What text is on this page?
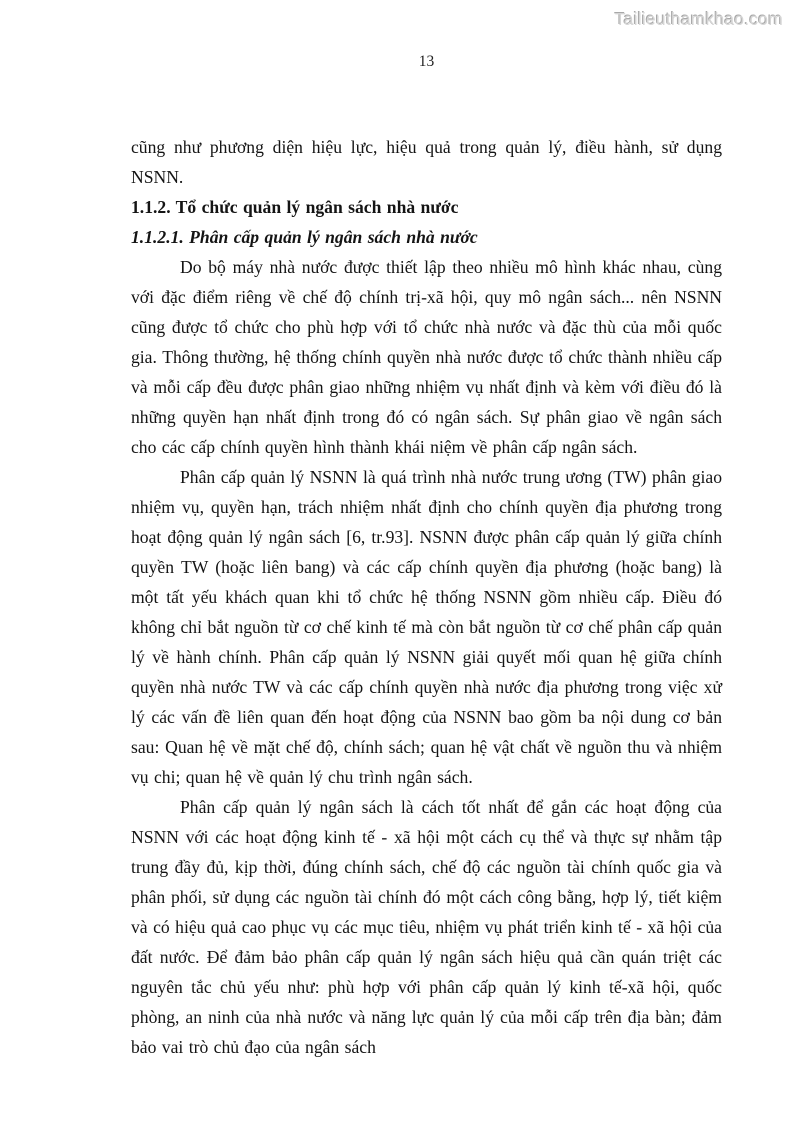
Tailieuthamkhao.com
13

cũng như phương diện hiệu lực, hiệu quả trong quản lý, điều hành, sử dụng NSNN.

1.1.2. Tổ chức quản lý ngân sách nhà nước
1.1.2.1. Phân cấp quản lý ngân sách nhà nước

Do bộ máy nhà nước được thiết lập theo nhiều mô hình khác nhau, cùng với đặc điểm riêng về chế độ chính trị-xã hội, quy mô ngân sách... nên NSNN cũng được tổ chức cho phù hợp với tổ chức nhà nước và đặc thù của mỗi quốc gia. Thông thường, hệ thống chính quyền nhà nước được tổ chức thành nhiều cấp và mỗi cấp đều được phân giao những nhiệm vụ nhất định và kèm với điều đó là những quyền hạn nhất định trong đó có ngân sách. Sự phân giao về ngân sách cho các cấp chính quyền hình thành khái niệm về phân cấp ngân sách.

Phân cấp quản lý NSNN là quá trình nhà nước trung ương (TW) phân giao nhiệm vụ, quyền hạn, trách nhiệm nhất định cho chính quyền địa phương trong hoạt động quản lý ngân sách [6, tr.93]. NSNN được phân cấp quản lý giữa chính quyền TW (hoặc liên bang) và các cấp chính quyền địa phương (hoặc bang) là một tất yếu khách quan khi tổ chức hệ thống NSNN gồm nhiều cấp. Điều đó không chỉ bắt nguồn từ cơ chế kinh tế mà còn bắt nguồn từ cơ chế phân cấp quản lý về hành chính. Phân cấp quản lý NSNN giải quyết mối quan hệ giữa chính quyền nhà nước TW và các cấp chính quyền nhà nước địa phương trong việc xử lý các vấn đề liên quan đến hoạt động của NSNN bao gồm ba nội dung cơ bản sau: Quan hệ về mặt chế độ, chính sách; quan hệ vật chất về nguồn thu và nhiệm vụ chi; quan hệ về quản lý chu trình ngân sách.

Phân cấp quản lý ngân sách là cách tốt nhất để gắn các hoạt động của NSNN với các hoạt động kinh tế - xã hội một cách cụ thể và thực sự nhằm tập trung đầy đủ, kịp thời, đúng chính sách, chế độ các nguồn tài chính quốc gia và phân phối, sử dụng các nguồn tài chính đó một cách công bằng, hợp lý, tiết kiệm và có hiệu quả cao phục vụ các mục tiêu, nhiệm vụ phát triển kinh tế - xã hội của đất nước. Để đảm bảo phân cấp quản lý ngân sách hiệu quả cần quán triệt các nguyên tắc chủ yếu như: phù hợp với phân cấp quản lý kinh tế-xã hội, quốc phòng, an ninh của nhà nước và năng lực quản lý của mỗi cấp trên địa bàn; đảm bảo vai trò chủ đạo của ngân sách
